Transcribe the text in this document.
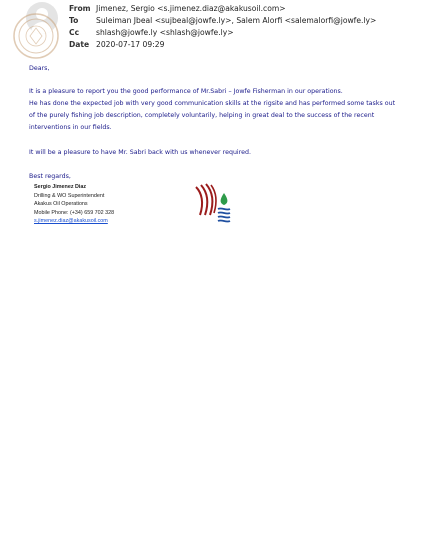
From Jimenez, Sergio <s.jimenez.diaz@akakusoil.com>
To Suleiman Jbeal <sujbeal@jowfe.ly>, Salem Alorfi <salemalorfi@jowfe.ly>
Cc shlash@jowfe.ly <shlash@jowfe.ly>
Date 2020-07-17 09:29
Dears,
It is a pleasure to report you the good performance of Mr.Sabri – Jowfe Fisherman in our operations.
He has done the expected job with very good communication skills at the rigsite and has performed some tasks out
of the purely fishing job description, completely voluntarily, helping in great deal to the success of the recent
interventions in our fields.
It will be a pleasure to have Mr. Sabri back with us whenever required.
Best regards,
Sergio Jimenez Diaz
Drilling & WO Superintendent
Akakus Oil Operations
Mobile Phone: (+34) 659 702 328
s.jimenez.diaz@akakusoil.com
